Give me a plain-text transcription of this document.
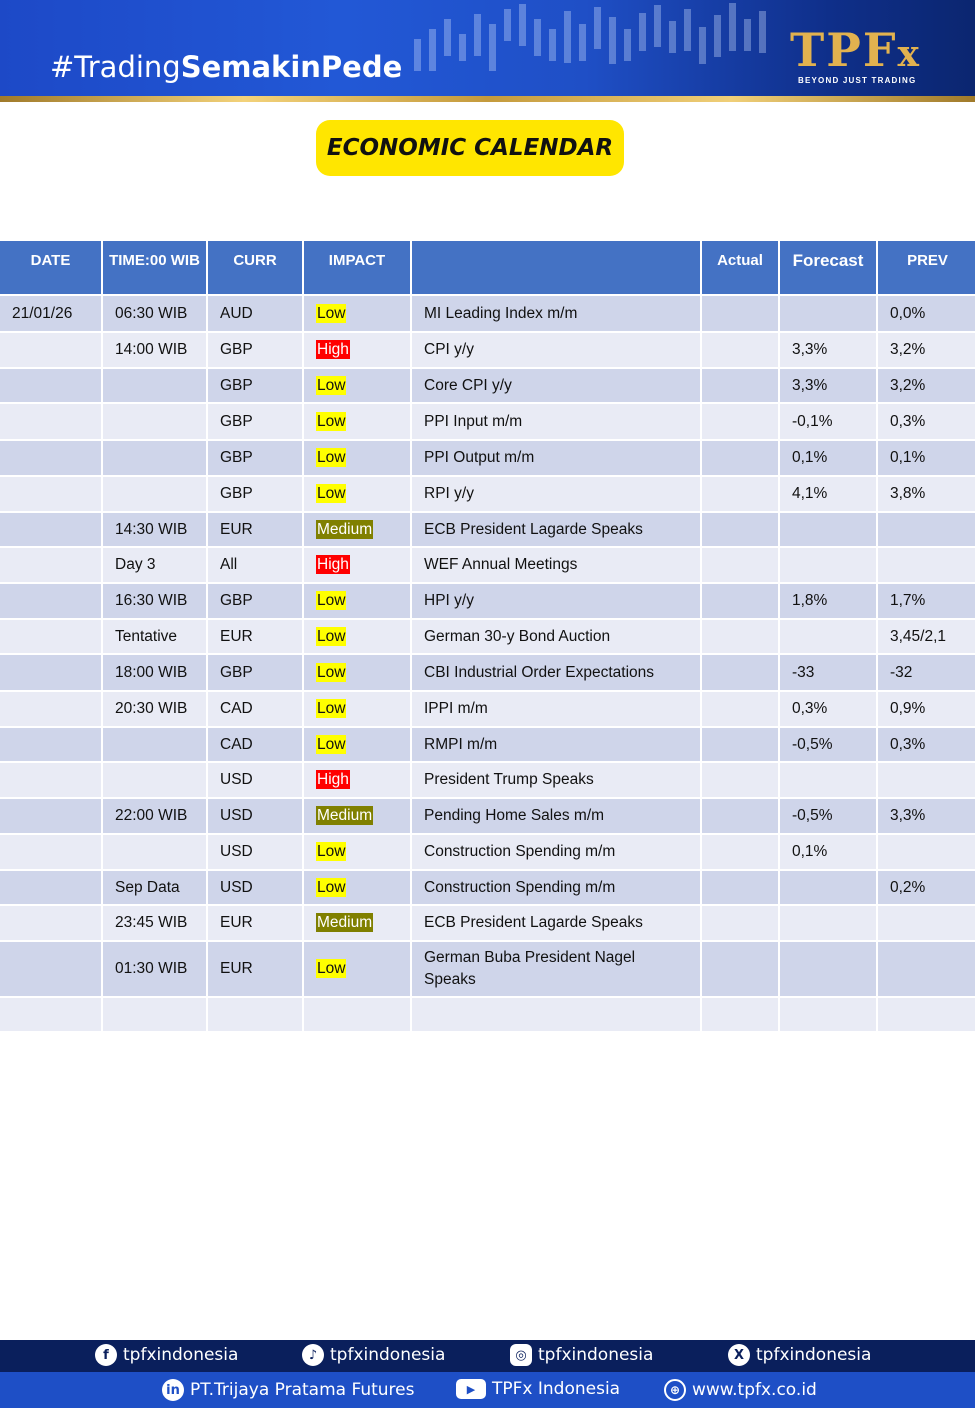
#TradingSemakinPede	TPFx
BEYOND JUST TRADING
ECONOMIC CALENDAR
DATE	TIME:00 WIB	CURR	IMPACT		Actual	Forecast	PREV
21/01/26	06:30 WIB	AUD	Low	MI Leading Index m/m			0,0%
	14:00 WIB	GBP	High	CPI y/y		3,3%	3,2%
		GBP	Low	Core CPI y/y		3,3%	3,2%
		GBP	Low	PPI Input m/m		-0,1%	0,3%
		GBP	Low	PPI Output m/m		0,1%	0,1%
		GBP	Low	RPI y/y		4,1%	3,8%
	14:30 WIB	EUR	Medium	ECB President Lagarde Speaks			
	Day 3	All	High	WEF Annual Meetings			
	16:30 WIB	GBP	Low	HPI y/y		1,8%	1,7%
	Tentative	EUR	Low	German 30-y Bond Auction			3,45/2,1
	18:00 WIB	GBP	Low	CBI Industrial Order Expectations		-33	-32
	20:30 WIB	CAD	Low	IPPI m/m		0,3%	0,9%
		CAD	Low	RMPI m/m		-0,5%	0,3%
		USD	High	President Trump Speaks			
	22:00 WIB	USD	Medium	Pending Home Sales m/m		-0,5%	3,3%
		USD	Low	Construction Spending m/m		0,1%	
	Sep Data	USD	Low	Construction Spending m/m			0,2%
	23:45 WIB	EUR	Medium	ECB President Lagarde Speaks			
	01:30 WIB	EUR	Low	German Buba President Nagel Speaks			

f tpfxindonesia	♪ tpfxindonesia	◎ tpfxindonesia	X tpfxindonesia
in PT.Trijaya Pratama Futures	▶ TPFx Indonesia	⊕ www.tpfx.co.id
